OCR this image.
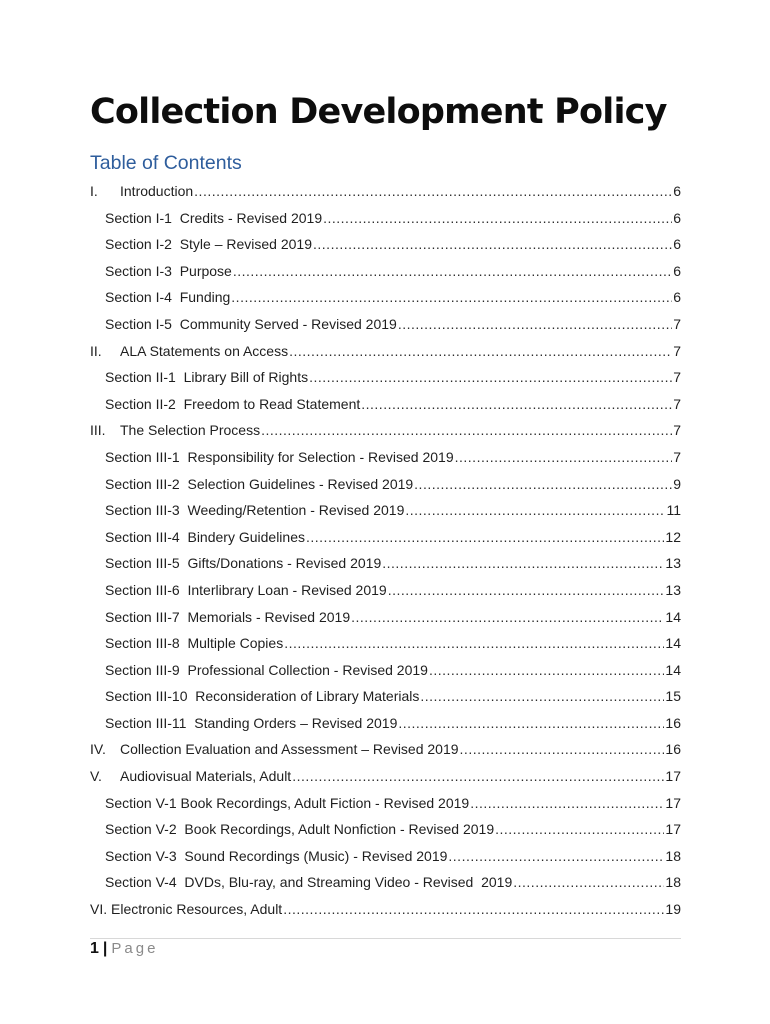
Collection Development Policy
Table of Contents
I. Introduction .....	6
Section I-1  Credits - Revised 2019 .....	6
Section I-2  Style – Revised 2019 .....	6
Section I-3  Purpose .....	6
Section I-4  Funding .....	6
Section I-5  Community Served - Revised 2019 .....	7
II. ALA Statements on Access .....	7
Section II-1  Library Bill of Rights .....	7
Section II-2  Freedom to Read Statement .....	7
III. The Selection Process .....	7
Section III-1  Responsibility for Selection - Revised 2019 .....	7
Section III-2  Selection Guidelines - Revised 2019 .....	9
Section III-3  Weeding/Retention - Revised 2019 .....	11
Section III-4  Bindery Guidelines .....	12
Section III-5  Gifts/Donations - Revised 2019 .....	13
Section III-6  Interlibrary Loan - Revised 2019 .....	13
Section III-7  Memorials - Revised 2019 .....	14
Section III-8  Multiple Copies .....	14
Section III-9  Professional Collection - Revised 2019 .....	14
Section III-10  Reconsideration of Library Materials .....	15
Section III-11  Standing Orders – Revised 2019 .....	16
IV. Collection Evaluation and Assessment – Revised 2019 .....	16
V. Audiovisual Materials, Adult .....	17
Section V-1 Book Recordings, Adult Fiction - Revised 2019 .....	17
Section V-2  Book Recordings, Adult Nonfiction - Revised 2019 .....	17
Section V-3  Sound Recordings (Music) - Revised 2019 .....	18
Section V-4  DVDs, Blu-ray, and Streaming Video - Revised  2019 .....	18
VI. Electronic Resources, Adult .....	19
1 | Page
